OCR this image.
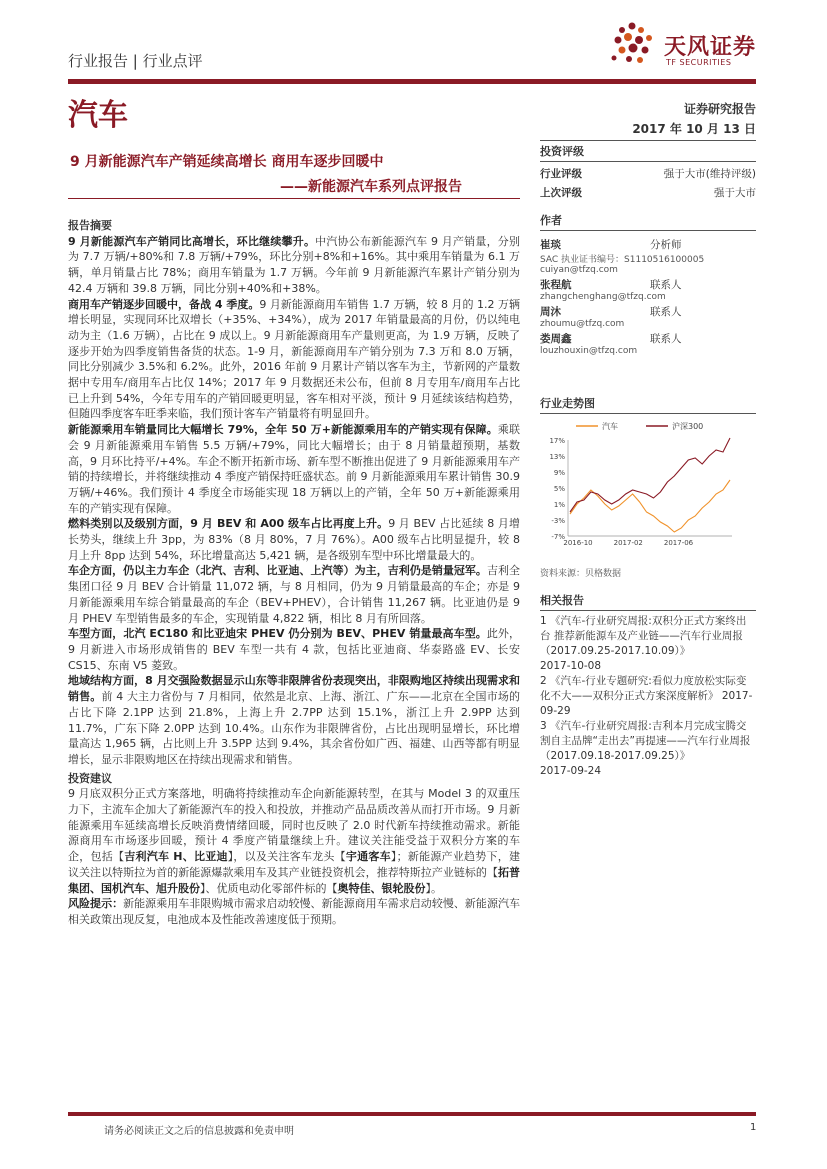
行业报告 | 行业点评
天风证券
TF SECURITIES
汽车	证券研究报告
2017 年 10 月 13 日
9 月新能源汽车产销延续高增长 商用车逐步回暖中
——新能源汽车系列点评报告
投资评级
行业评级	强于大市(维持评级)
上次评级	强于大市
作者
崔琰	分析师
SAC 执业证书编号：S1110516100005
cuiyan@tfzq.com
张程航	联系人
zhangchenghang@tfzq.com
周沐	联系人
zhoumu@tfzq.com
娄周鑫	联系人
louzhouxin@tfzq.com
行业走势图
17%
13%
9%
5%
1%
-3%
-7%
2016-10	2017-02	2017-06
汽车	沪深300
资料来源：贝格数据
相关报告
1 《汽车-行业研究周报:双积分正式方案终出台 推荐新能源车及产业链——汽车行业周报（2017.09.25-2017.10.09）》
2017-10-08
2 《汽车-行业专题研究:看似力度放松实际变化不大——双积分正式方案深度解析》 2017-09-29
3 《汽车-行业研究周报:吉利本月完成宝腾交割自主品牌“走出去”再提速——汽车行业周报（2017.09.18-2017.09.25）》
2017-09-24
报告摘要

9 月新能源汽车产销同比高增长，环比继续攀升。中汽协公布新能源汽车 9 月产销量，分别为 7.7 万辆/+80%和 7.8 万辆/+79%，环比分别+8%和+16%。其中乘用车销量为 6.1 万辆，单月销量占比 78%；商用车销量为 1.7 万辆。今年前 9 月新能源汽车累计产销分别为 42.4 万辆和 39.8 万辆，同比分别+40%和+38%。

商用车产销逐步回暖中，备战 4 季度。9 月新能源商用车销售 1.7 万辆，较 8 月的 1.2 万辆增长明显，实现同环比双增长（+35%、+34%），成为 2017 年销量最高的月份，仍以纯电动为主（1.6 万辆），占比在 9 成以上。9 月新能源商用车产量则更高，为 1.9 万辆，反映了逐步开始为四季度销售备货的状态。1-9 月，新能源商用车产销分别为 7.3 万和 8.0 万辆，同比分别减少 3.5%和 6.2%。此外，2016 年前 9 月累计产销以客车为主，节新网的产量数据中专用车/商用车占比仅 14%；2017 年 9 月数据还未公布，但前 8 月专用车/商用车占比已上升到 54%，今年专用车的产销回暖更明显，客车相对平淡，预计 9 月延续该结构趋势，但随四季度客车旺季来临，我们预计客车产销量将有明显回升。

新能源乘用车销量同比大幅增长 79%，全年 50 万+新能源乘用车的产销实现有保障。乘联会 9 月新能源乘用车销售 5.5 万辆/+79%，同比大幅增长；由于 8 月销量超预期，基数高，9 月环比持平/+4%。车企不断开拓新市场、新车型不断推出促进了 9 月新能源乘用车产销的持续增长，并将继续推动 4 季度产销保持旺盛状态。前 9 月新能源乘用车累计销售 30.9 万辆/+46%。我们预计 4 季度全市场能实现 18 万辆以上的产销，全年 50 万+新能源乘用车的产销实现有保障。

燃料类别以及级别方面，9 月 BEV 和 A00 级车占比再度上升。9 月 BEV 占比延续 8 月增长势头，继续上升 3pp，为 83%（8 月 80%，7 月 76%）。A00 级车占比明显提升，较 8 月上升 8pp 达到 54%，环比增量高达 5,421 辆，是各级别车型中环比增量最大的。

车企方面，仍以主力车企（北汽、吉利、比亚迪、上汽等）为主，吉利仍是销量冠军。吉利全集团口径 9 月 BEV 合计销量 11,072 辆，与 8 月相同，仍为 9 月销量最高的车企；亦是 9 月新能源乘用车综合销量最高的车企（BEV+PHEV），合计销售 11,267 辆。比亚迪仍是 9 月 PHEV 车型销售最多的车企，实现销量 4,822 辆，相比 8 月有所回落。

车型方面，北汽 EC180 和比亚迪宋 PHEV 仍分别为 BEV、PHEV 销量最高车型。此外，9 月新进入市场形成销售的 BEV 车型一共有 4 款，包括比亚迪商、华泰路盛 EV、长安 CS15、东南 V5 菱致。

地域结构方面，8 月交强险数据显示山东等非限牌省份表现突出，非限购地区持续出现需求和销售。前 4 大主力省份与 7 月相同，依然是北京、上海、浙江、广东——北京在全国市场的占比下降 2.1PP 达到 21.8%，上海上升 2.7PP 达到 15.1%，浙江上升 2.9PP 达到 11.7%，广东下降 2.0PP 达到 10.4%。山东作为非限牌省份，占比出现明显增长，环比增量高达 1,965 辆，占比则上升 3.5PP 达到 9.4%，其余省份如广西、福建、山西等都有明显增长，显示非限购地区在持续出现需求和销售。

投资建议

9 月底双积分正式方案落地，明确将持续推动车企向新能源转型，在其与 Model 3 的双重压力下，主流车企加大了新能源汽车的投入和投放，并推动产品品质改善从而打开市场。9 月新能源乘用车延续高增长反映消费情绪回暖，同时也反映了 2.0 时代新车持续推动需求。新能源商用车市场逐步回暖，预计 4 季度产销量继续上升。建议关注能受益于双积分方案的车企，包括【吉利汽车 H、比亚迪】，以及关注客车龙头【宇通客车】；新能源产业趋势下，建议关注以特斯拉为首的新能源爆款乘用车及其产业链投资机会，推荐特斯拉产业链标的【拓普集团、国机汽车、旭升股份】、优质电动化零部件标的【奥特佳、银轮股份】。

风险提示：新能源乘用车非限购城市需求启动较慢、新能源商用车需求启动较慢、新能源汽车相关政策出现反复，电池成本及性能改善速度低于预期。

请务必阅读正文之后的信息披露和免责申明	1
